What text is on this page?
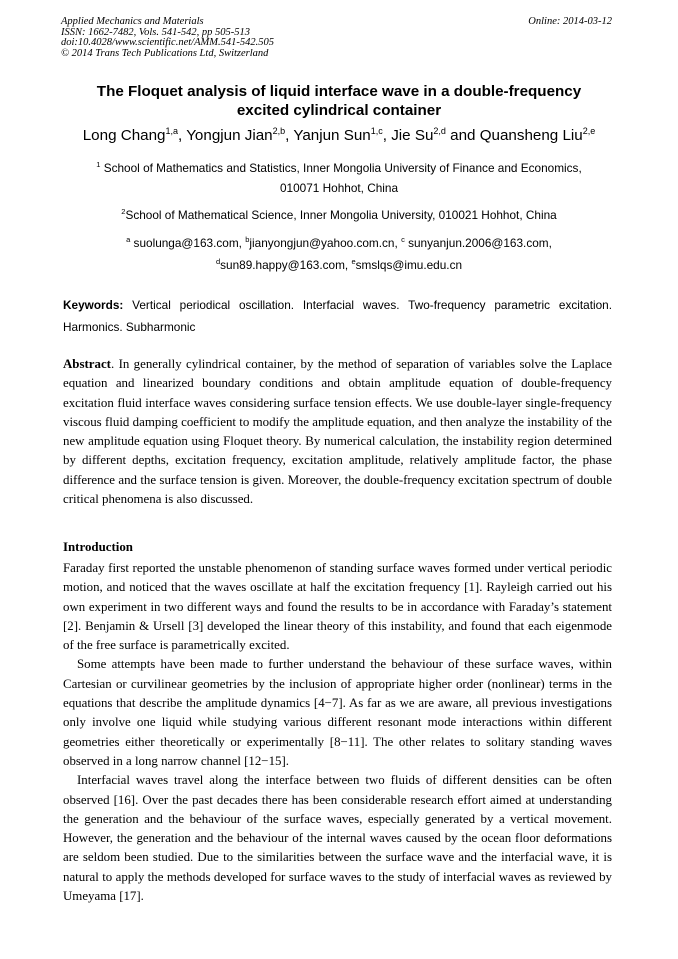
Applied Mechanics and Materials
ISSN: 1662-7482, Vols. 541-542, pp 505-513
doi:10.4028/www.scientific.net/AMM.541-542.505
© 2014 Trans Tech Publications Ltd, Switzerland
Online: 2014-03-12
The Floquet analysis of liquid interface wave in a double-frequency
excited cylindrical container
Long Chang$^{1,a}$, Yongjun Jian$^{2,b}$, Yanjun Sun$^{1,c}$, Jie Su$^{2,d}$ and Quansheng Liu$^{2,e}$
$^1$ School of Mathematics and Statistics, Inner Mongolia University of Finance and Economics,
010071 Hohhot, China
$^2$School of Mathematical Science, Inner Mongolia University, 010021 Hohhot, China
$^a$ suolunga@163.com, $^b$jianyongjun@yahoo.com.cn, $^c$ sunyanjun.2006@163.com,
$^d$sun89.happy@163.com, $^e$smslqs@imu.edu.cn
Keywords: Vertical periodical oscillation. Interfacial waves. Two-frequency parametric excitation. Harmonics. Subharmonic
Abstract. In generally cylindrical container, by the method of separation of variables solve the Laplace equation and linearized boundary conditions and obtain amplitude equation of double-frequency excitation fluid interface waves considering surface tension effects. We use double-layer single-frequency viscous fluid damping coefficient to modify the amplitude equation, and then analyze the instability of the new amplitude equation using Floquet theory. By numerical calculation, the instability region determined by different depths, excitation frequency, excitation amplitude, relatively amplitude factor, the phase difference and the surface tension is given. Moreover, the double-frequency excitation spectrum of double critical phenomena is also discussed.
Introduction

Faraday first reported the unstable phenomenon of standing surface waves formed under vertical periodic motion, and noticed that the waves oscillate at half the excitation frequency [1]. Rayleigh carried out his own experiment in two different ways and found the results to be in accordance with Faraday’s statement [2]. Benjamin & Ursell [3] developed the linear theory of this instability, and found that each eigenmode of the free surface is parametrically excited.

Some attempts have been made to further understand the behaviour of these surface waves, within Cartesian or curvilinear geometries by the inclusion of appropriate higher order (nonlinear) terms in the equations that describe the amplitude dynamics [4−7]. As far as we are aware, all previous investigations only involve one liquid while studying various different resonant mode interactions within different geometries either theoretically or experimentally [8−11]. The other relates to solitary standing waves observed in a long narrow channel [12−15].

Interfacial waves travel along the interface between two fluids of different densities can be often observed [16]. Over the past decades there has been considerable research effort aimed at understanding the generation and the behaviour of the surface waves, especially generated by a vertical movement. However, the generation and the behaviour of the internal waves caused by the ocean floor deformations are seldom been studied. Due to the similarities between the surface wave and the interfacial wave, it is natural to apply the methods developed for surface waves to the study of interfacial waves as reviewed by Umeyama [17].
